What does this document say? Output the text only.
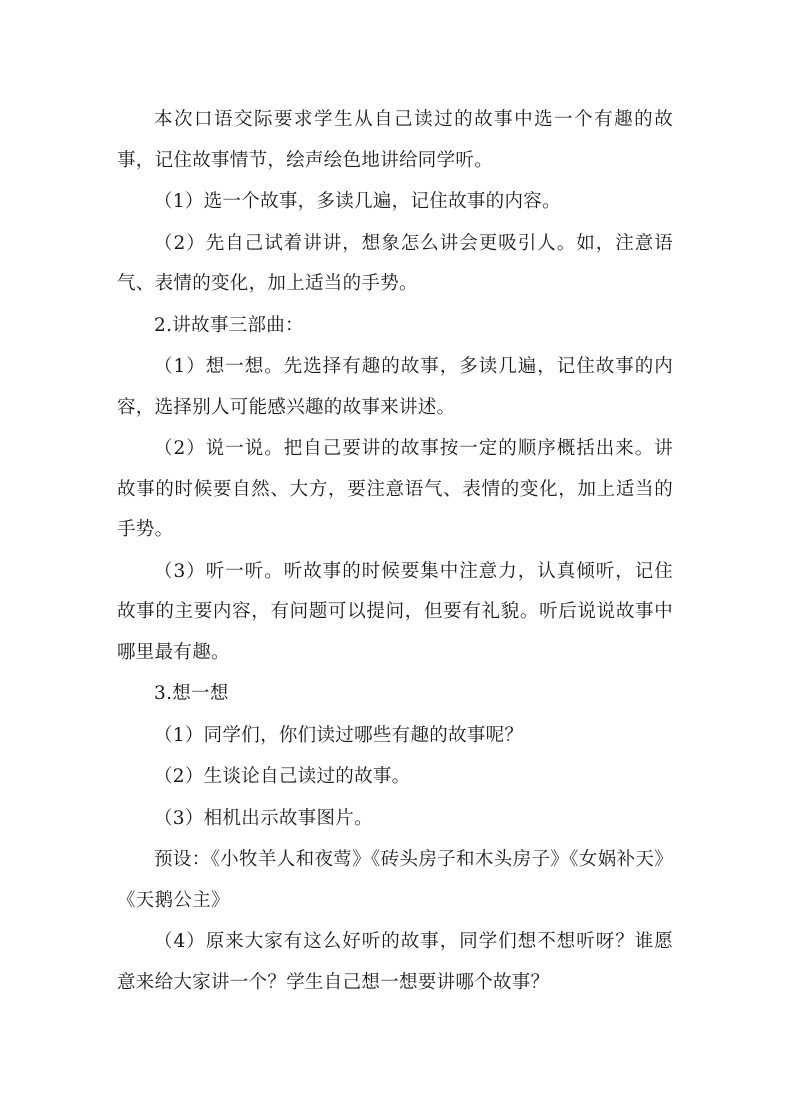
本次口语交际要求学生从自己读过的故事中选一个有趣的故事，记住故事情节，绘声绘色地讲给同学听。

（1）选一个故事，多读几遍，记住故事的内容。

（2）先自己试着讲讲，想象怎么讲会更吸引人。如，注意语气、表情的变化，加上适当的手势。

2.讲故事三部曲：

（1）想一想。先选择有趣的故事，多读几遍，记住故事的内容，选择别人可能感兴趣的故事来讲述。

（2）说一说。把自己要讲的故事按一定的顺序概括出来。讲故事的时候要自然、大方，要注意语气、表情的变化，加上适当的手势。

（3）听一听。听故事的时候要集中注意力，认真倾听，记住故事的主要内容，有问题可以提问，但要有礼貌。听后说说故事中哪里最有趣。

3.想一想

（1）同学们，你们读过哪些有趣的故事呢？

（2）生谈论自己读过的故事。

（3）相机出示故事图片。

预设：《小牧羊人和夜莺》《砖头房子和木头房子》《女娲补天》《天鹅公主》

（4）原来大家有这么好听的故事，同学们想不想听呀？谁愿意来给大家讲一个？学生自己想一想要讲哪个故事？
